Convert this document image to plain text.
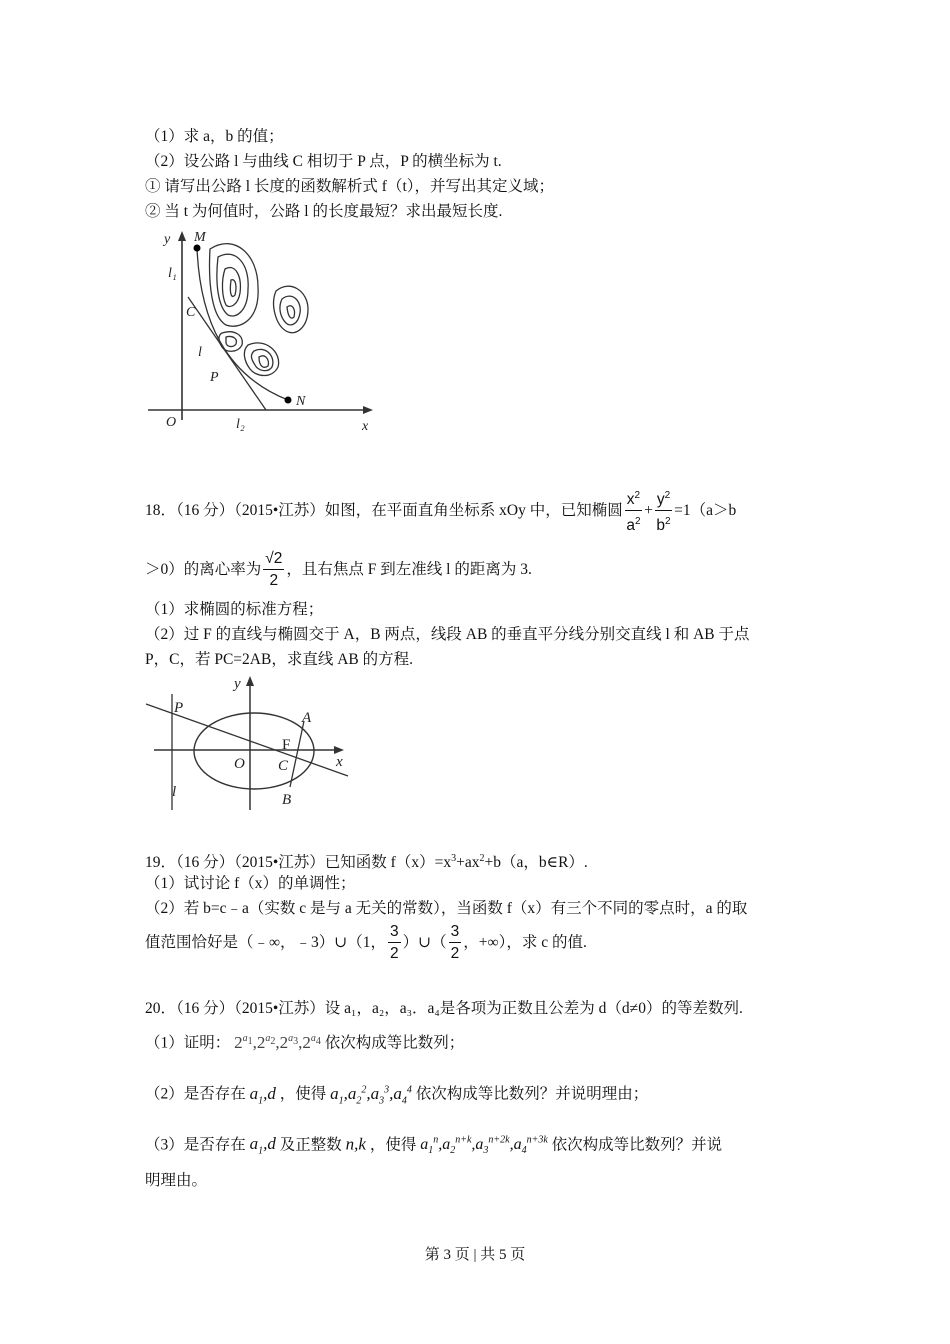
（1）求 a，b 的值；
（2）设公路 l 与曲线 C 相切于 P 点，P 的横坐标为 t.
① 请写出公路 l 长度的函数解析式 f（t），并写出其定义域；
② 当 t 为何值时，公路 l 的长度最短？求出最短长度.
y M
l₁
C
l
P
N
O	l₂	x
18．（16 分）（2015•江苏）如图，在平面直角坐标系 xOy 中，已知椭圆 $\frac{x^2}{a^2} + \frac{y^2}{b^2} =1(a>b$
＞0）的离心率为 $\frac{√2}{2}$ ，且右焦点 F 到左准线 l 的距离为 3.
（1）求椭圆的标准方程；
（2）过 F 的直线与椭圆交于 A，B 两点，线段 AB 的垂直平分线分别交直线 l 和 AB 于点
P，C，若 PC=2AB，求直线 AB 的方程.
y
P
A
F
O C	x
l	B
19．（16 分）（2015•江苏）已知函数 $f(x)=x^3+ax^2+b(a$，b∈R）.
（1）试讨论 f（x）的单调性；
（2）若 b=c﹣a（实数 c 是与 a 无关的常数），当函数 f（x）有三个不同的零点时，a 的取
值范围恰好是（﹣∞，﹣3）∪（1， $\frac{3}{2}$ ）∪（ $\frac{3}{2}$ ，+∞），求 c 的值.
20．（16 分）（2015•江苏）设 a₁，a₂，a₃．a₄是各项为正数且公差为 d（d≠0）的等差数列.
（1）证明： $2^{a_1},2^{a_2},2^{a_3},2^{a_4}$ 依次构成等比数列；
（2）是否存在 $a_1,d$ ，使得 $a_1,a_2^2,a_3^3,a_4^4$ 依次构成等比数列？并说明理由；
（3）是否存在 $a_1,d$ 及正整数 n,k ，使得 $a_1^n,a_2^{n+k},a_3^{n+2k},a_4^{n+3k}$ 依次构成等比数列？并说
明理由。
第 3 页 | 共 5 页
